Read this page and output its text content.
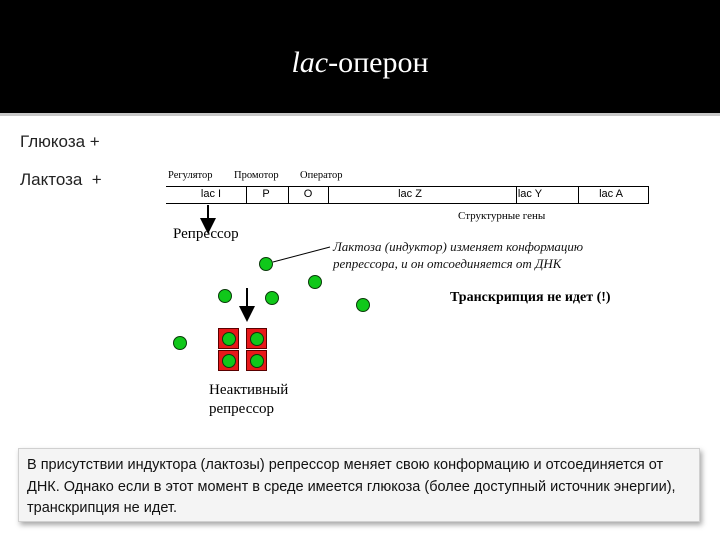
lac-оперон
Глюкоза +
Лактоза  +	Регулятор Промотор Оператор
lac I	P	O	lac Z	lac Y	lac A
Структурные гены
Репрессор
Лактоза (индуктор) изменяет конформацию
репрессора, и он отсоединяется от ДНК
Транскрипция не идет (!)
Неактивный
репрессор
В присутствии индуктора (лактозы) репрессор меняет свою конформацию и отсоединяется от ДНК. Однако если в этот момент в среде имеется глюкоза (более доступный источник энергии), транскрипция не идет.
